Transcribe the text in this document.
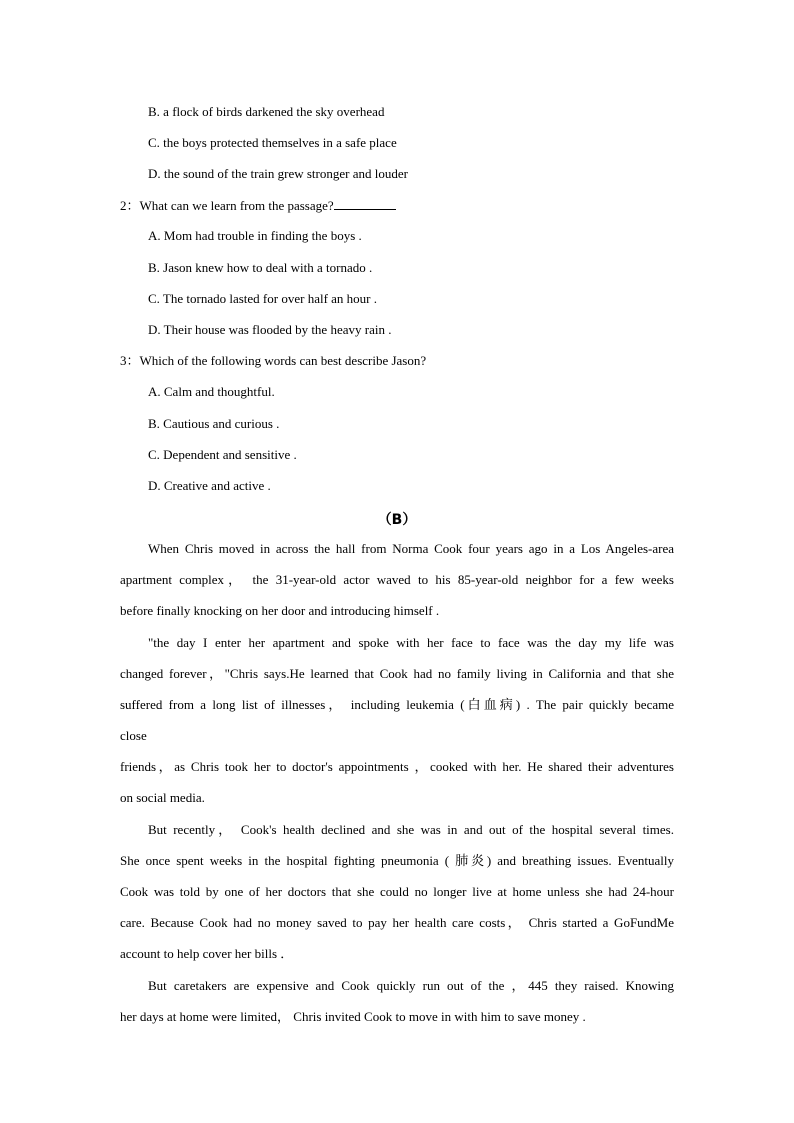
B. a flock of birds darkened the sky overhead
C. the boys protected themselves in a safe place
D. the sound of the train grew stronger and louder
2：What can we learn from the passage?
A. Mom had trouble in finding the boys .
B. Jason knew how to deal with a tornado .
C. The tornado lasted for over half an hour .
D. Their house was flooded by the heavy rain .
3：Which of the following words can best describe Jason?
A. Calm and thoughtful.
B. Cautious and curious .
C. Dependent and sensitive .
D. Creative and active .
（B）
When Chris moved in across the hall from Norma Cook four years ago in a Los Angeles-area
apartment complex， the 31-year-old actor waved to his 85-year-old neighbor for a few weeks
before finally knocking on her door and introducing himself .
"the day I enter her apartment and spoke with her face to face was the day my life was
changed forever，"Chris says.He learned that Cook had no family living in California and that she
suffered from a long list of illnesses， including leukemia (白血病) . The pair quickly became
close
friends，as Chris took her to doctor's appointments ，cooked with her. He shared their adventures
on social media.
But recently， Cook's health declined and she was in and out of the hospital several times.
She once spent weeks in the hospital fighting pneumonia ( 肺炎) and breathing issues. Eventually
Cook was told by one of her doctors that she could no longer live at home unless she had 24-hour
care. Because Cook had no money saved to pay her health care costs， Chris started a GoFundMe
account to help cover her bills ．
But caretakers are expensive and Cook quickly run out of the ，445 they raised. Knowing
her days at home were limited， Chris invited Cook to move in with him to save money .
